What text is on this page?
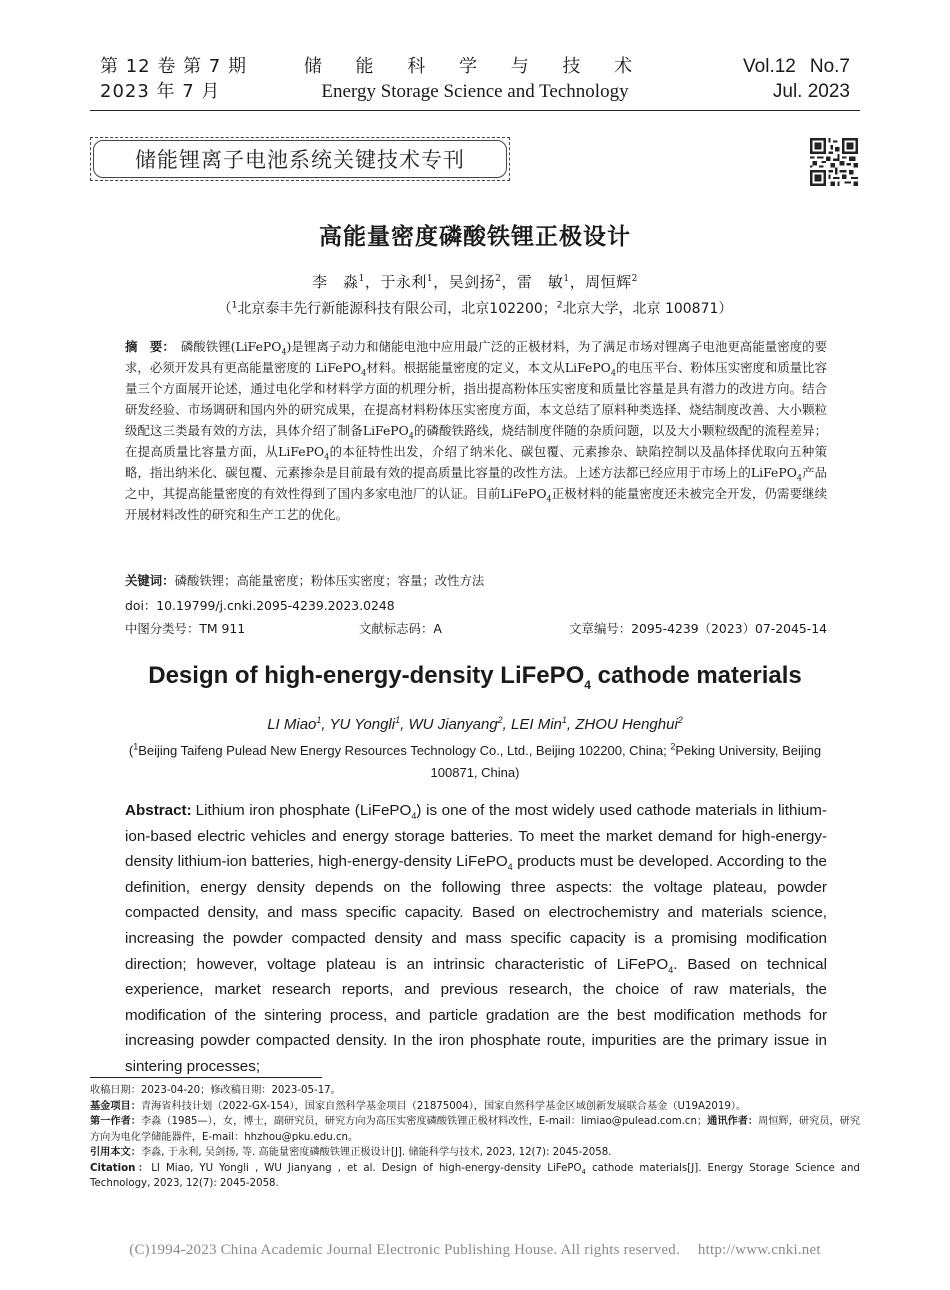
第 12 卷 第 7 期
2023 年 7 月
储 能 科 学 与 技 术
Energy Storage Science and Technology
Vol.12 No.7
Jul. 2023
储能锂离子电池系统关键技术专刊
高能量密度磷酸铁锂正极设计
李　淼$^1$，于永利$^1$，吴剑扬$^2$，雷　敏$^1$，周恒辉$^2$
（$^1$北京泰丰先行新能源科技有限公司，北京102200；$^2$北京大学，北京 100871）
摘　要： 磷酸铁锂(LiFePO$_4$)是锂离子动力和储能电池中应用最广泛的正极材料，为了满足市场对锂离子电池更高能量密度的要求，必须开发具有更高能量密度的 LiFePO$_4$材料。根据能量密度的定义，本文从LiFePO$_4$的电压平台、粉体压实密度和质量比容量三个方面展开论述，通过电化学和材料学方面的机理分析，指出提高粉体压实密度和质量比容量是具有潜力的改进方向。结合研发经验、市场调研和国内外的研究成果，在提高材料粉体压实密度方面，本文总结了原料种类选择、烧结制度改善、大小颗粒级配这三类最有效的方法，具体介绍了制备LiFePO$_4$的磷酸铁路线，烧结制度伴随的杂质问题，以及大小颗粒级配的流程差异；在提高质量比容量方面，从LiFePO$_4$的本征特性出发，介绍了纳米化、碳包覆、元素掺杂、缺陷控制以及晶体择优取向五种策略，指出纳米化、碳包覆、元素掺杂是目前最有效的提高质量比容量的改性方法。上述方法都已经应用于市场上的LiFePO$_4$产品之中，其提高能量密度的有效性得到了国内多家电池厂的认证。目前LiFePO$_4$正极材料的能量密度还未被完全开发，仍需要继续开展材料改性的研究和生产工艺的优化。
关键词：磷酸铁锂；高能量密度；粉体压实密度；容量；改性方法
doi：10.19799/j.cnki.2095-4239.2023.0248
中图分类号：TM 911	文献标志码：A	文章编号：2095-4239（2023）07-2045-14
Design of high-energy-density LiFePO$_4$ cathode materials
LI Miao$^1$, YU Yongli$^1$, WU Jianyang$^2$, LEI Min$^1$, ZHOU Henghui$^2$
($^1$Beijing Taifeng Pulead New Energy Resources Technology Co., Ltd., Beijing 102200, China; $^2$Peking University, Beijing 100871, China)
Abstract: Lithium iron phosphate (LiFePO$_4$) is one of the most widely used cathode materials in lithium-ion-based electric vehicles and energy storage batteries. To meet the market demand for high-energy-density lithium-ion batteries, high-energy-density LiFePO$_4$ products must be developed. According to the definition, energy density depends on the following three aspects: the voltage plateau, powder compacted density, and mass specific capacity. Based on electrochemistry and materials science, increasing the powder compacted density and mass specific capacity is a promising modification direction; however, voltage plateau is an intrinsic characteristic of LiFePO$_4$. Based on technical experience, market research reports, and previous research, the choice of raw materials, the modification of the sintering process, and particle gradation are the best modification methods for increasing powder compacted density. In the iron phosphate route, impurities are the primary issue in sintering processes;

收稿日期：2023-04-20；修改稿日期：2023-05-17。

基金项目：青海省科技计划（2022-GX-154），国家自然科学基金项目（21875004），国家自然科学基金区域创新发展联合基金（U19A2019）。

第一作者：李淼（1985—），女，博士，副研究员，研究方向为高压实密度磷酸铁锂正极材料改性，E-mail：limiao@pulead.com.cn；通讯作者：周恒辉，研究员，研究方向为电化学储能器件，E-mail：hhzhou@pku.edu.cn。

引用本文：李淼, 于永利, 吴剑扬, 等. 高能量密度磷酸铁锂正极设计[J]. 储能科学与技术, 2023, 12(7): 2045-2058.

Citation：LI Miao, YU Yongli , WU Jianyang , et al. Design of high-energy-density LiFePO$_4$ cathode materials[J]. Energy Storage Science and Technology, 2023, 12(7): 2045-2058.

(C)1994-2023 China Academic Journal Electronic Publishing House. All rights reserved. http://www.cnki.net
